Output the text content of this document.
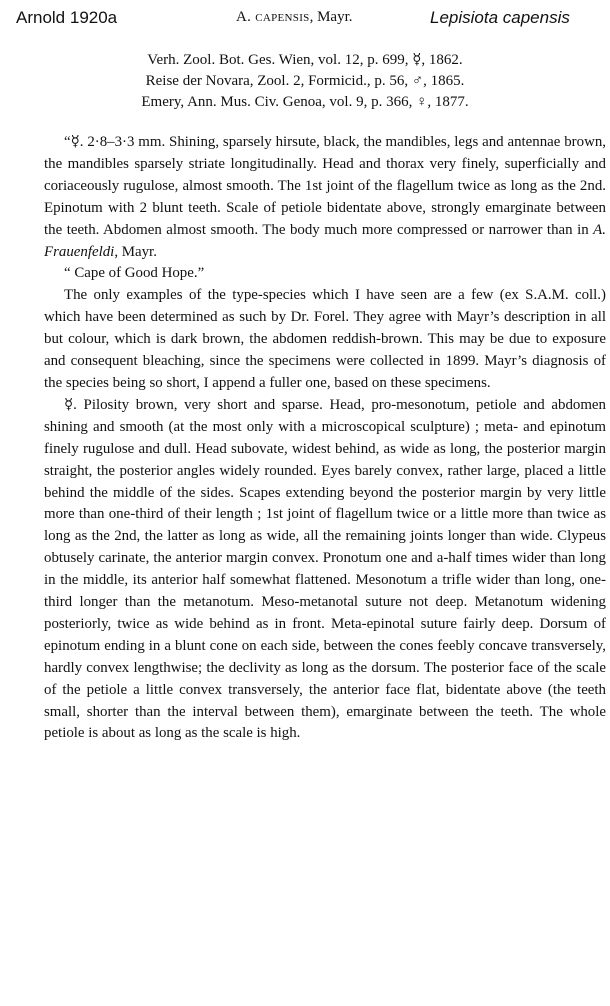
Arnold 1920a	A. capensis, Mayr.	Lepisiota capensis
Verh. Zool. Bot. Ges. Wien, vol. 12, p. 699, ☿, 1862.
Reise der Novara, Zool. 2, Formicid., p. 56, ♂, 1865.
Emery, Ann. Mus. Civ. Genoa, vol. 9, p. 366, ♀, 1877.

“☿. 2·8–3·3 mm. Shining, sparsely hirsute, black, the mandibles, legs and antennae brown, the mandibles sparsely striate longitudinally. Head and thorax very finely, superficially and coriaceously rugulose, almost smooth. The 1st joint of the flagellum twice as long as the 2nd. Epinotum with 2 blunt teeth. Scale of petiole bidentate above, strongly emarginate between the teeth. Abdomen almost smooth. The body much more compressed or narrower than in A. Frauenfeldi, Mayr.

“ Cape of Good Hope.”

The only examples of the type-species which I have seen are a few (ex S.A.M. coll.) which have been determined as such by Dr. Forel. They agree with Mayr’s description in all but colour, which is dark brown, the abdomen reddish-brown. This may be due to exposure and consequent bleaching, since the specimens were collected in 1899. Mayr’s diagnosis of the species being so short, I append a fuller one, based on these specimens.

☿. Pilosity brown, very short and sparse. Head, pro-mesonotum, petiole and abdomen shining and smooth (at the most only with a microscopical sculpture) ; meta- and epinotum finely rugulose and dull. Head subovate, widest behind, as wide as long, the posterior margin straight, the posterior angles widely rounded. Eyes barely convex, rather large, placed a little behind the middle of the sides. Scapes extending beyond the posterior margin by very little more than one-third of their length ; 1st joint of flagellum twice or a little more than twice as long as the 2nd, the latter as long as wide, all the remaining joints longer than wide. Clypeus obtusely carinate, the anterior margin convex. Pronotum one and a-half times wider than long in the middle, its anterior half somewhat flattened. Mesonotum a trifle wider than long, one-third longer than the metanotum. Meso-metanotal suture not deep. Metanotum widening posteriorly, twice as wide behind as in front. Meta-epinotal suture fairly deep. Dorsum of epinotum ending in a blunt cone on each side, between the cones feebly concave transversely, hardly convex lengthwise; the declivity as long as the dorsum. The posterior face of the scale of the petiole a little convex transversely, the anterior face flat, bidentate above (the teeth small, shorter than the interval between them), emarginate between the teeth. The whole petiole is about as long as the scale is high.
